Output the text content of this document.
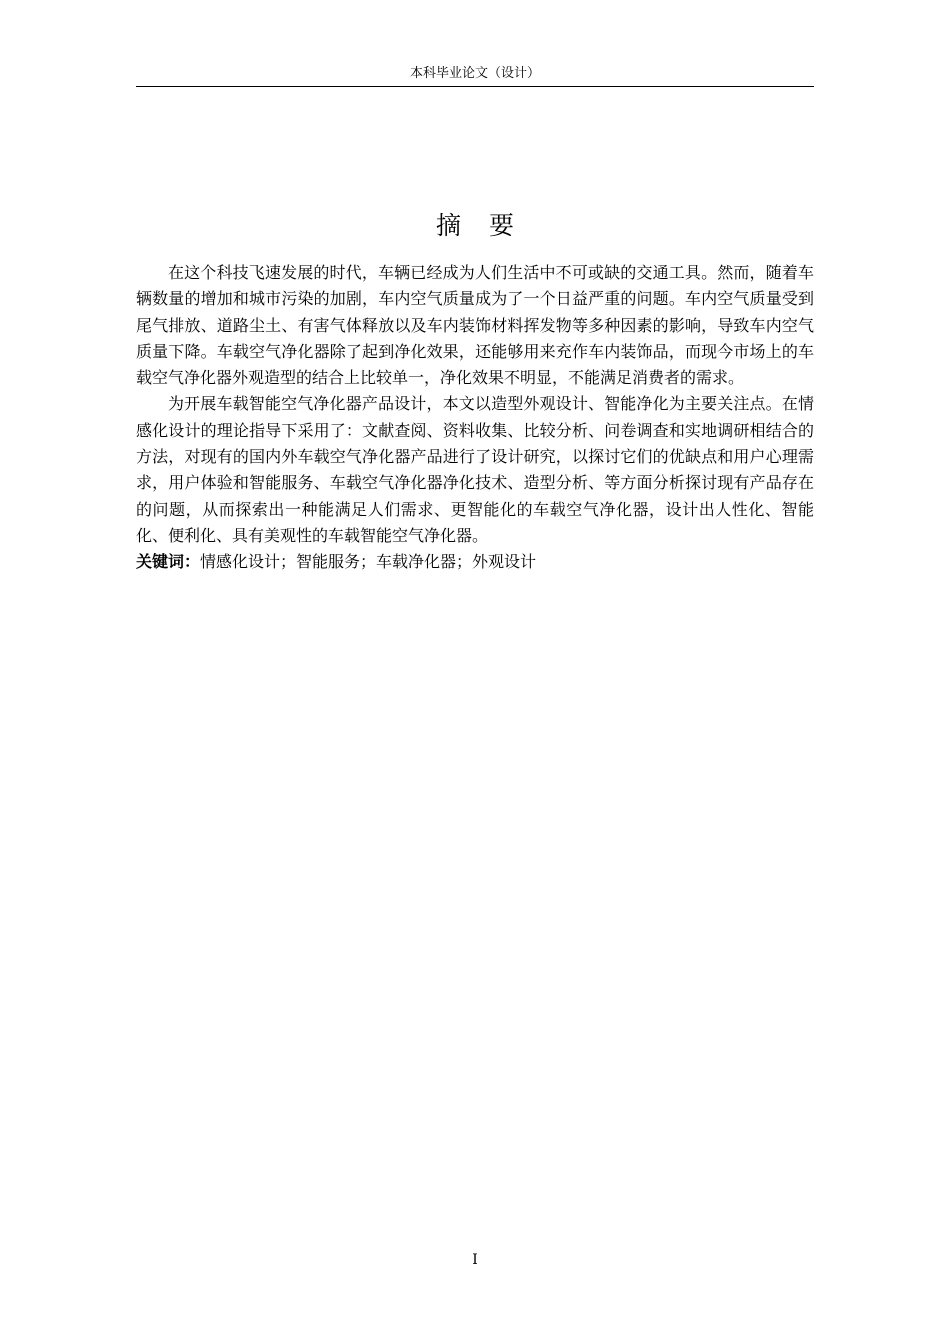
本科毕业论文（设计）
摘 要

在这个科技飞速发展的时代，车辆已经成为人们生活中不可或缺的交通工具。然而，随着车辆数量的增加和城市污染的加剧，车内空气质量成为了一个日益严重的问题。车内空气质量受到尾气排放、道路尘土、有害气体释放以及车内装饰材料挥发物等多种因素的影响，导致车内空气质量下降。车载空气净化器除了起到净化效果，还能够用来充作车内装饰品，而现今市场上的车载空气净化器外观造型的结合上比较单一，净化效果不明显，不能满足消费者的需求。

为开展车载智能空气净化器产品设计，本文以造型外观设计、智能净化为主要关注点。在情感化设计的理论指导下采用了：文献查阅、资料收集、比较分析、问卷调查和实地调研相结合的方法，对现有的国内外车载空气净化器产品进行了设计研究，以探讨它们的优缺点和用户心理需求，用户体验和智能服务、车载空气净化器净化技术、造型分析、等方面分析探讨现有产品存在的问题，从而探索出一种能满足人们需求、更智能化的车载空气净化器，设计出人性化、智能化、便利化、具有美观性的车载智能空气净化器。

关键词：情感化设计；智能服务；车载净化器；外观设计

I
